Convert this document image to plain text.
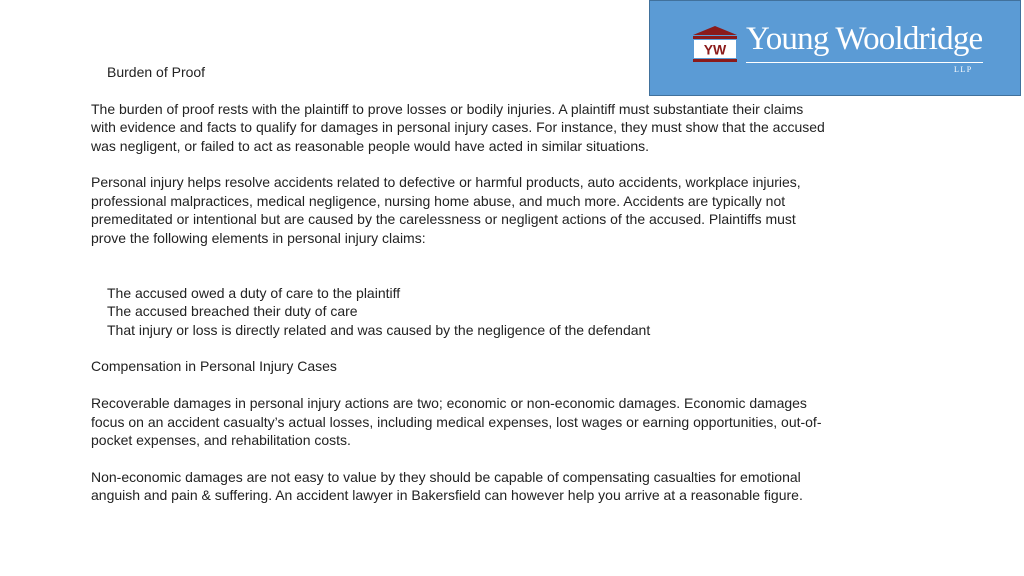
YW Young Wooldridge
LLP

Burden of Proof

The burden of proof rests with the plaintiff to prove losses or bodily injuries. A plaintiff must substantiate their claims with evidence and facts to qualify for damages in personal injury cases. For instance, they must show that the accused was negligent, or failed to act as reasonable people would have acted in similar situations.

Personal injury helps resolve accidents related to defective or harmful products, auto accidents, workplace injuries, professional malpractices, medical negligence, nursing home abuse, and much more. Accidents are typically not premeditated or intentional but are caused by the carelessness or negligent actions of the accused. Plaintiffs must prove the following elements in personal injury claims:

The accused owed a duty of care to the plaintiff

The accused breached their duty of care

That injury or loss is directly related and was caused by the negligence of the defendant

Compensation in Personal Injury Cases

Recoverable damages in personal injury actions are two; economic or non-economic damages. Economic damages focus on an accident casualty’s actual losses, including medical expenses, lost wages or earning opportunities, out-of-pocket expenses, and rehabilitation costs.

Non-economic damages are not easy to value by they should be capable of compensating casualties for emotional anguish and pain & suffering. An accident lawyer in Bakersfield can however help you arrive at a reasonable figure.
